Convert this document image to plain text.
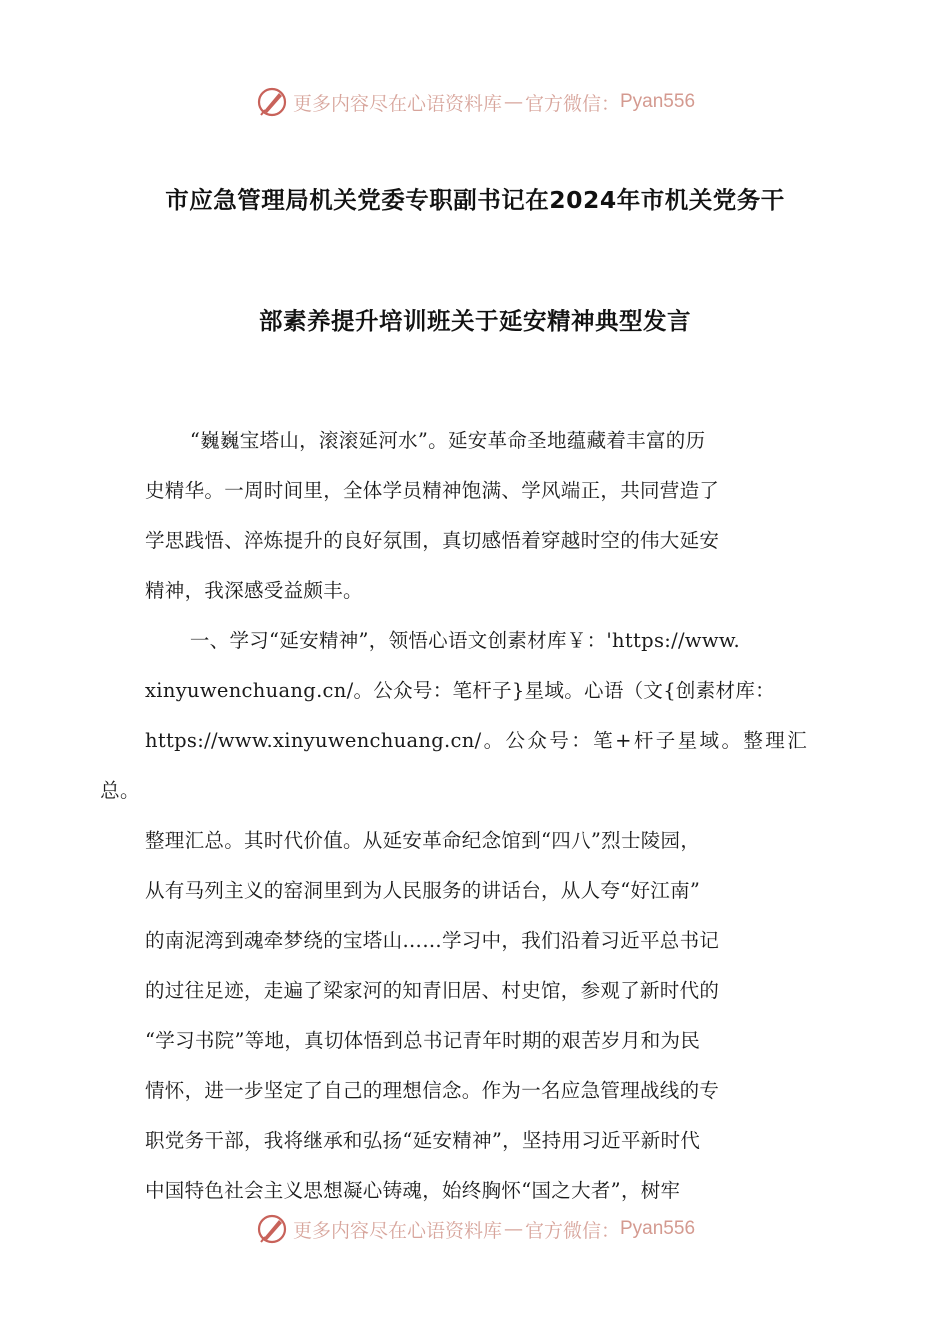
更多内容尽在心语资料库 — 官方微信： Pyan556
市应急管理局机关党委专职副书记在2024年市机关党务干
部素养提升培训班关于延安精神典型发言

“巍巍宝塔山，滚滚延河水”。延安革命圣地蕴藏着丰富的历
史精华。一周时间里，全体学员精神饱满、学风端正，共同营造了
学思践悟、淬炼提升的良好氛围，真切感悟着穿越时空的伟大延安
精神，我深感受益颇丰。

一、学习“延安精神”，领悟心语文创素材库￥：'https://www.
xinyuwenchuang.cn/。公众号：笔杆子}星域。心语（文{创素材库：
https://www.xinyuwenchuang.cn/。公众号：笔+杆子星域。整理汇总。
整理汇总。其时代价值。从延安革命纪念馆到“四八”烈士陵园，
从有马列主义的窑洞里到为人民服务的讲话台，从人夸“好江南”
的南泥湾到魂牵梦绕的宝塔山……学习中，我们沿着习近平总书记
的过往足迹，走遍了梁家河的知青旧居、村史馆，参观了新时代的
“学习书院”等地，真切体悟到总书记青年时期的艰苦岁月和为民
情怀，进一步坚定了自己的理想信念。作为一名应急管理战线的专
职党务干部，我将继承和弘扬“延安精神”，坚持用习近平新时代
中国特色社会主义思想凝心铸魂，始终胸怀“国之大者”，树牢

更多内容尽在心语资料库 — 官方微信： Pyan556
